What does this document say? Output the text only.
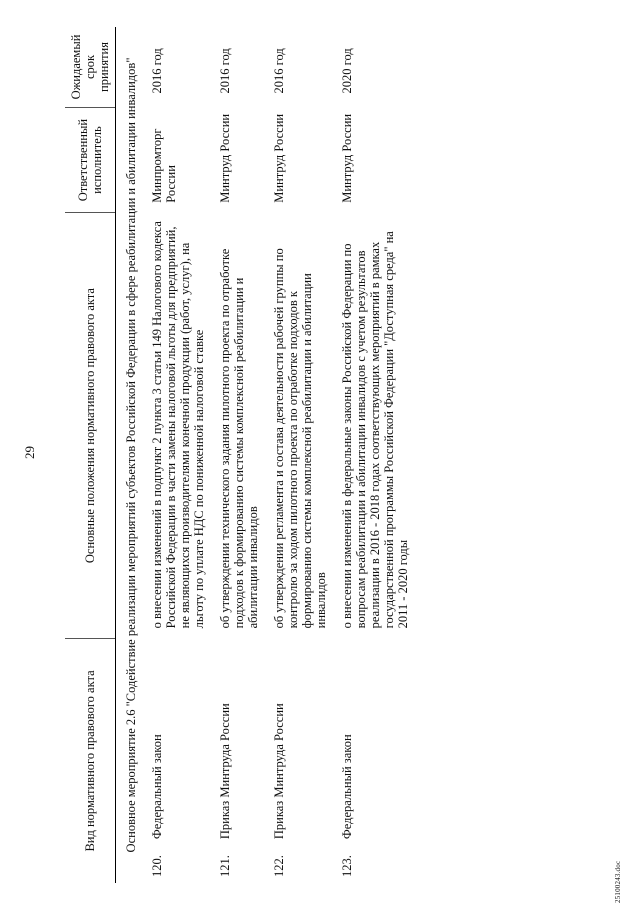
29
Вид нормативного правового акта		Основные положения нормативного правового акта	Ответственный исполнитель	Ожидаемый срок принятия
Основное мероприятие 2.6 "Содействие реализации мероприятий субъектов Российской Федерации в сфере реабилитации и абилитации инвалидов"				
120.	Федеральный закон	о внесении изменений в подпункт 2 пункта 3 статьи 149 Налогового кодекса Российской Федерации в части замены налоговой льготы для предприятий, не являющихся производителями конечной продукции (работ, услуг), на льготу по уплате НДС по пониженной налоговой ставке	Минпромторг России	2016 год
121.	Приказ Минтруда России	об утверждении технического задания пилотного проекта по отработке подходов к формированию системы комплексной реабилитации и абилитации инвалидов	Минтруд России	2016 год
122.	Приказ Минтруда России	об утверждении регламента и состава деятельности рабочей группы по контролю за ходом пилотного проекта по отработке подходов к формированию системы комплексной реабилитации и абилитации инвалидов	Минтруд России	2016 год
123.	Федеральный закон	о внесении изменений в федеральные законы Российской Федерации по вопросам реабилитации и абилитации инвалидов с учетом результатов реализации в 2016 - 2018 годах соответствующих мероприятий в рамках государственной программы Российской Федерации "Доступная среда" на 2011 - 2020 годы	Минтруд России	2020 год
25100243.doc
